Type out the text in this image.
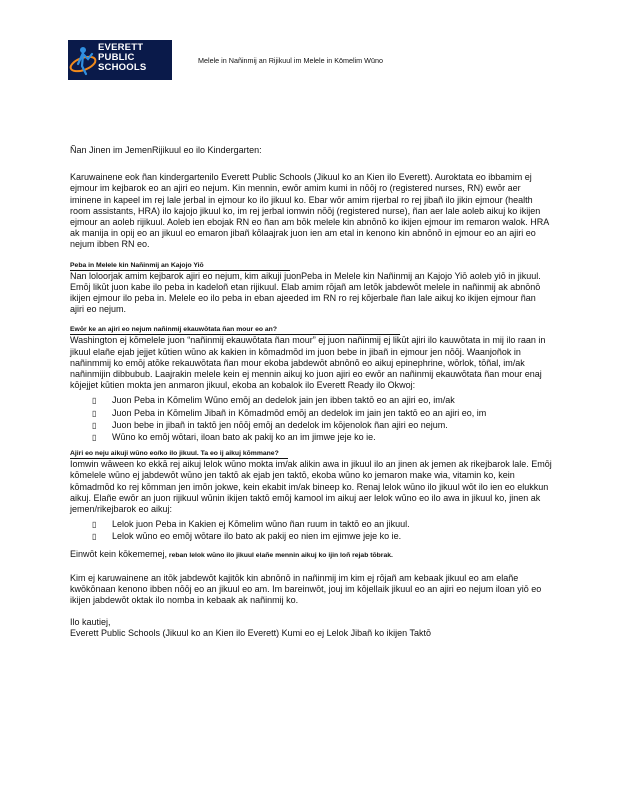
EVERETT
PUBLIC
SCHOOLS
Melele in Nañinmij an Rijikuul im Melele in Kōmelim Wūno

Ñan Jinen im JemenRijikuul eo ilo Kindergarten:

Karuwainene eok ñan kindergartenilo Everett Public Schools (Jikuul ko an Kien ilo Everett). Auroktata eo ibbamim ej ejmour im kejbarok eo an ajiri eo nejum. Kin mennin, ewōr amim kumi in nōōj ro (registered nurses, RN) ewōr aer iminene in kapeel im rej lale jerbal in ejmour ko ilo jikuul ko. Ebar wōr amim rijerbal ro rej jibañ ilo jikin ejmour (health room assistants, HRA) ilo kajojo jikuul ko, im rej jerbal iomwin nōōj (registered nurse), ñan aer lale aoleb aikuj ko ikijen ejmour an aoleb rijikuul. Aoleb ien ebojak RN eo ñan am bōk melele kin abnōnō ko ikijen ejmour im remaron walok. HRA ak manija in opij eo an jikuul eo emaron jibañ kōlaajrak juon ien am etal in kenono kin abnōnō in ejmour eo an ajiri eo nejum ibben RN eo.

Peba in Melele kin Nañinmij an Kajojo Yiō

Nan loloorjak amim kejbarok ajiri eo nejum, kim aikuji juonPeba in Melele kin Nañinmij an Kajojo Yiō aoleb yiō in jikuul. Emōj likūt juon kabe ilo peba in kadeloñ etan rijikuul. Elab amim rōjañ am letōk jabdewōt melele in nañinmij ak abnōnō ikijen ejmour ilo peba in. Melele eo ilo peba in eban ajeeded im RN ro rej kōjerbale ñan lale aikuj ko ikijen ejmour ñan ajiri eo nejum.

Ewōr ke an ajiri eo nejum nañinmij ekauwōtata ñan mour eo an?

Washington ej kōmelele juon “nañinmij ekauwōtata ñan mour” ej juon nañinmij ej likūt ajiri ilo kauwōtata in mij ilo raan in jikuul elañe ejab jejjet kūtien wūno ak kakien in kōmadmōd im juon bebe in jibañ in ejmour jen nōōj. Waanjoñok in nañinmmij ko emōj atōke rekauwōtata ñan mour ekoba jabdewōt abnōnō eo aikuj epinephrine, wōrlok, tōñal, im/ak nañinmijin dibbubub. Laajrakin melele kein ej mennin aikuj ko juon ajiri eo ewōr an nañinmij ekauwōtata ñan mour enaj kōjejjet kūtien mokta jen anmaron jikuul, ekoba an kobalok ilo Everett Ready ilo Okwoj:

▯ Juon Peba in Kōmelim Wūno emōj an dedelok jain jen ibben taktō eo an ajiri eo, im/ak
▯ Juon Peba in Kōmelim Jibañ in Kōmadmōd emōj an dedelok im jain jen taktō eo an ajiri eo, im
▯ Juon bebe in jibañ in taktō jen nōōj emōj an dedelok im kōjenolok ñan ajiri eo nejum.
▯ Wūno ko emōj wōtari, iloan bato ak pakij ko an im jimwe jeje ko ie.

Ajiri eo neju aikuji wūno eo/ko ilo jikuul. Ta eo ij aikuj kōmmane?

Iomwin wāween ko ekkā rej aikuj lelok wūno mokta im/ak alikin awa in jikuul ilo an jinen ak jemen ak rikejbarok lale. Emōj kōmelele wūno ej jabdewōt wūno jen taktō ak ejab jen taktō, ekoba wūno ko jemaron make wia, vitamin ko, kein kōmadmōd ko rej kōmman jen imōn jokwe, kein ekabit im/ak bineep ko. Renaj lelok wūno ilo jikuul wōt ilo ien eo elukkun aikuj. Elañe ewōr an juon rijikuul wūnin ikijen taktō emōj kamool im aikuj aer lelok wūno eo ilo awa in jikuul ko, jinen ak jemen/rikejbarok eo aikuj:

▯ Lelok juon Peba in Kakien ej Kōmelim wūno ñan ruum in taktō eo an jikuul.
▯ Lelok wūno eo emōj wōtare ilo bato ak pakij eo nien im ejimwe jeje ko ie.

Einwōt kein kōkememej, reban lelok wūno ilo jikuul elañe mennin aikuj ko ijin loñ rejab tōbrak.

Kim ej karuwainene an itōk jabdewōt kajitōk kin abnōnō in nañinmij im kim ej rōjañ am kebaak jikuul eo am elañe kwōkōnaan kenono ibben nōōj eo an jikuul eo am. Im bareinwōt, jouj im kōjellaik jikuul eo an ajiri eo nejum iloan yiō eo ikijen jabdewōt oktak ilo nomba in kebaak ak nañinmij ko.

Ilo kautiej,

Everett Public Schools (Jikuul ko an Kien ilo Everett) Kumi eo ej Lelok Jibañ ko ikijen Taktō
